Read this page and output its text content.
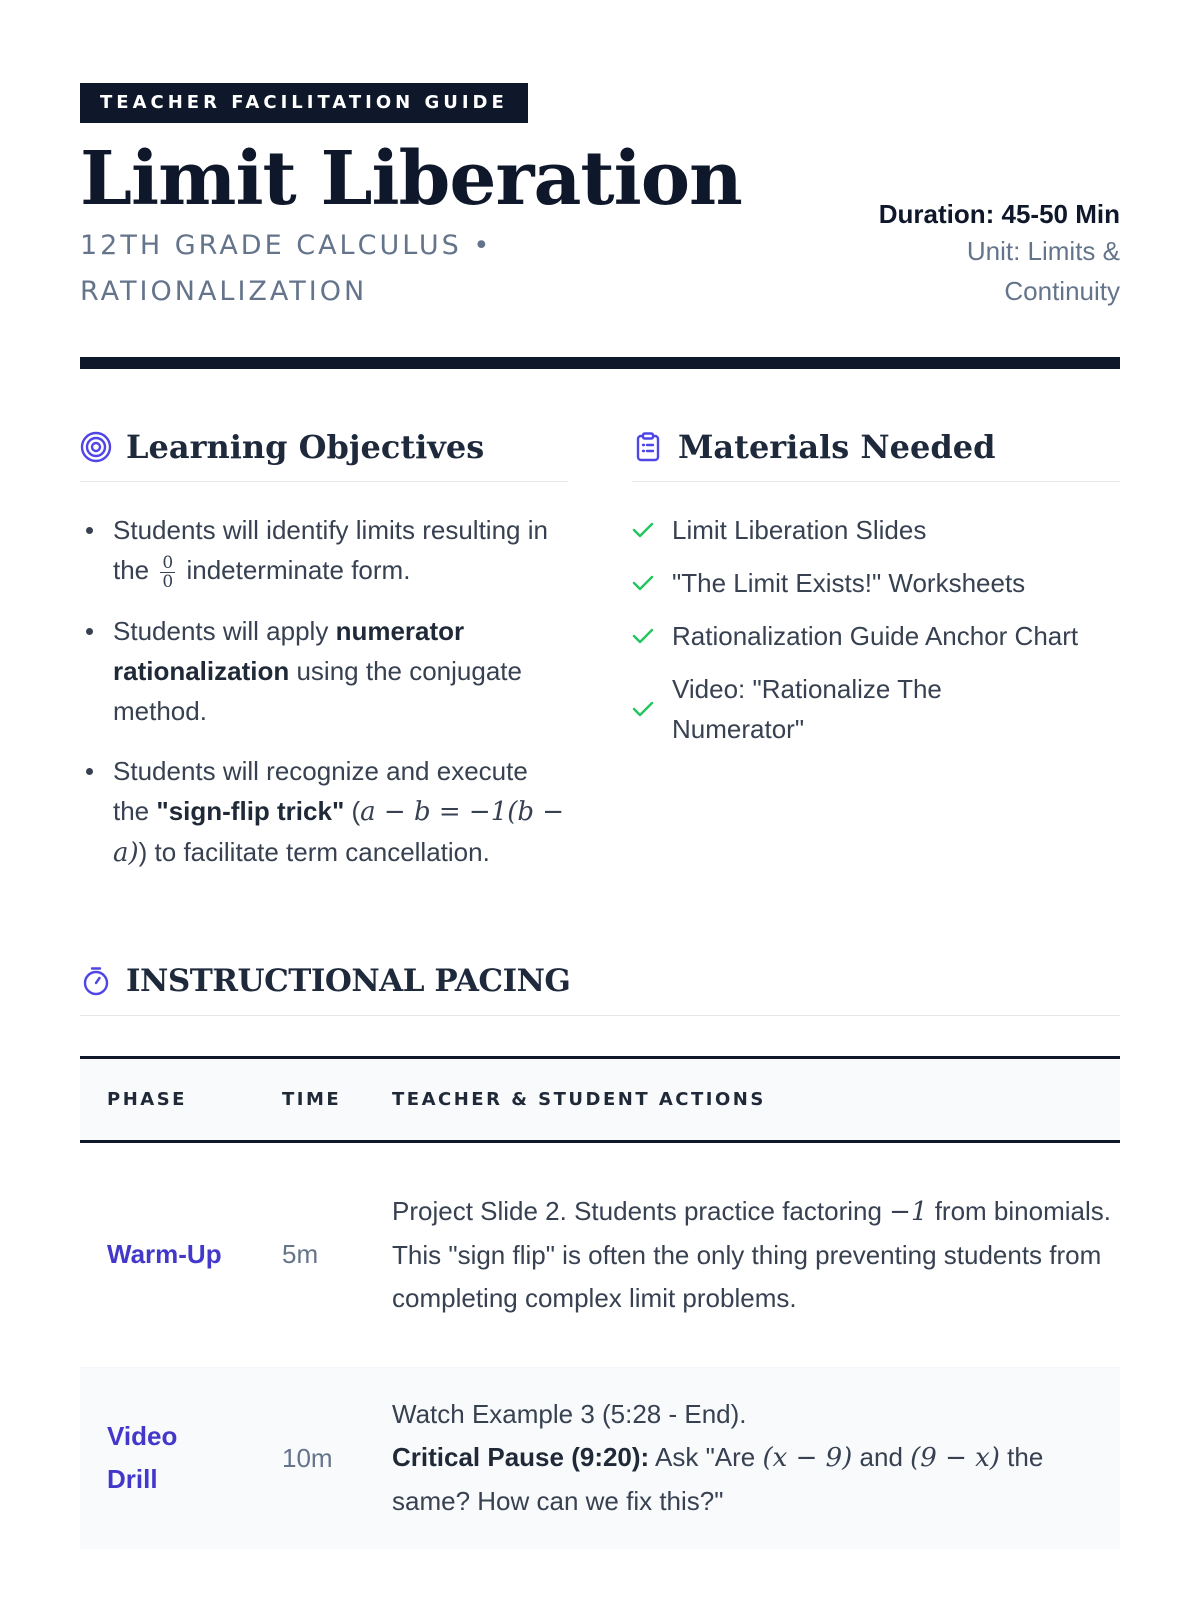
TEACHER FACILITATION GUIDE
Limit Liberation
12TH GRADE CALCULUS • RATIONALIZATION
Duration: 45-50 Min
Unit: Limits & Continuity
Learning Objectives
Students will identify limits resulting in the $\frac{0}{0}$ indeterminate form.
Students will apply numerator rationalization using the conjugate method.
Students will recognize and execute the "sign-flip trick" (a − b = −1(b − a)) to facilitate term cancellation.
Materials Needed
Limit Liberation Slides
"The Limit Exists!" Worksheets
Rationalization Guide Anchor Chart
Video: "Rationalize The Numerator"
INSTRUCTIONAL PACING
PHASE	TIME	TEACHER & STUDENT ACTIONS
Warm-Up	5m	Project Slide 2. Students practice factoring −1 from binomials. This "sign flip" is often the only thing preventing students from completing complex limit problems.
Video Drill	10m	Watch Example 3 (5:28 - End).
Critical Pause (9:20): Ask "Are (x − 9) and (9 − x) the same? How can we fix this?"
